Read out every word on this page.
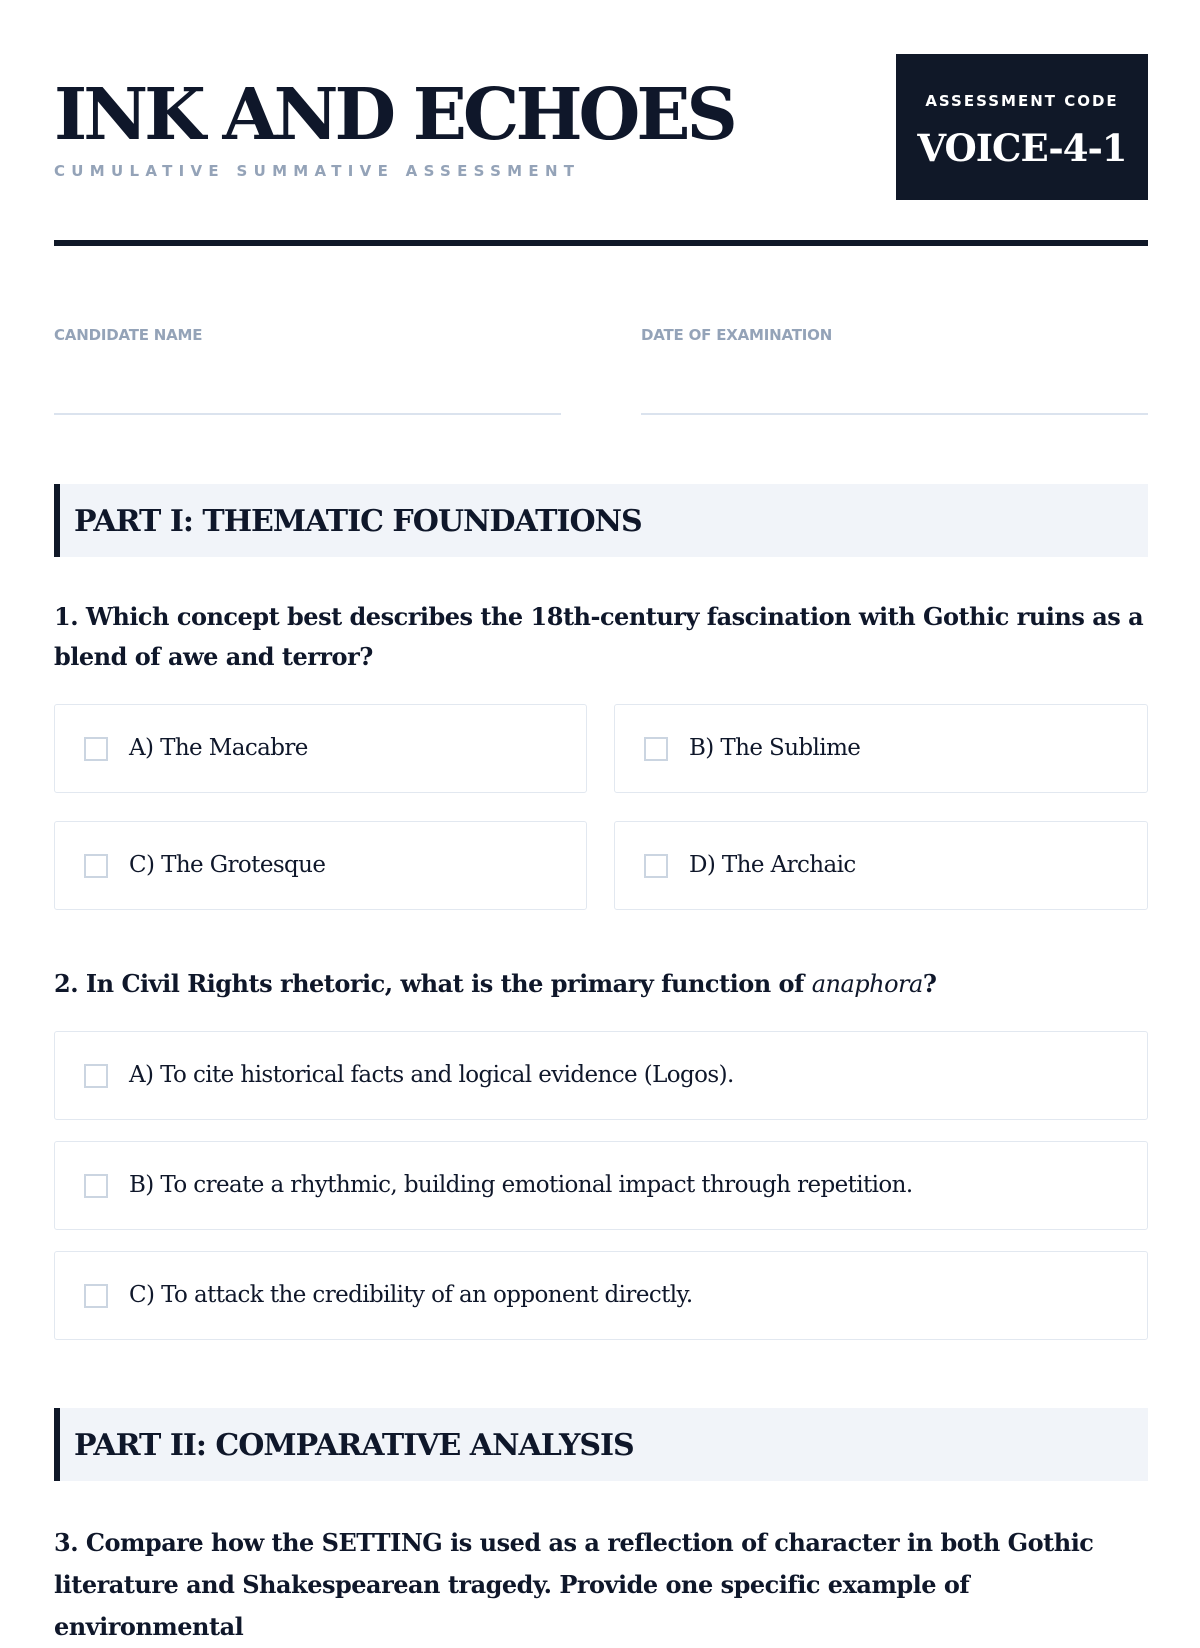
INK AND ECHOES
CUMULATIVE SUMMATIVE ASSESSMENT
ASSESSMENT CODE
VOICE-4-1
CANDIDATE NAME	DATE OF EXAMINATION
PART I: THEMATIC FOUNDATIONS
1. Which concept best describes the 18th-century fascination with Gothic ruins as a blend of awe and terror?
A) The Macabre	B) The Sublime
C) The Grotesque	D) The Archaic
2. In Civil Rights rhetoric, what is the primary function of anaphora?
A) To cite historical facts and logical evidence (Logos).
B) To create a rhythmic, building emotional impact through repetition.
C) To attack the credibility of an opponent directly.
PART II: COMPARATIVE ANALYSIS
3. Compare how the SETTING is used as a reflection of character in both Gothic literature and Shakespearean tragedy. Provide one specific example of environmental
